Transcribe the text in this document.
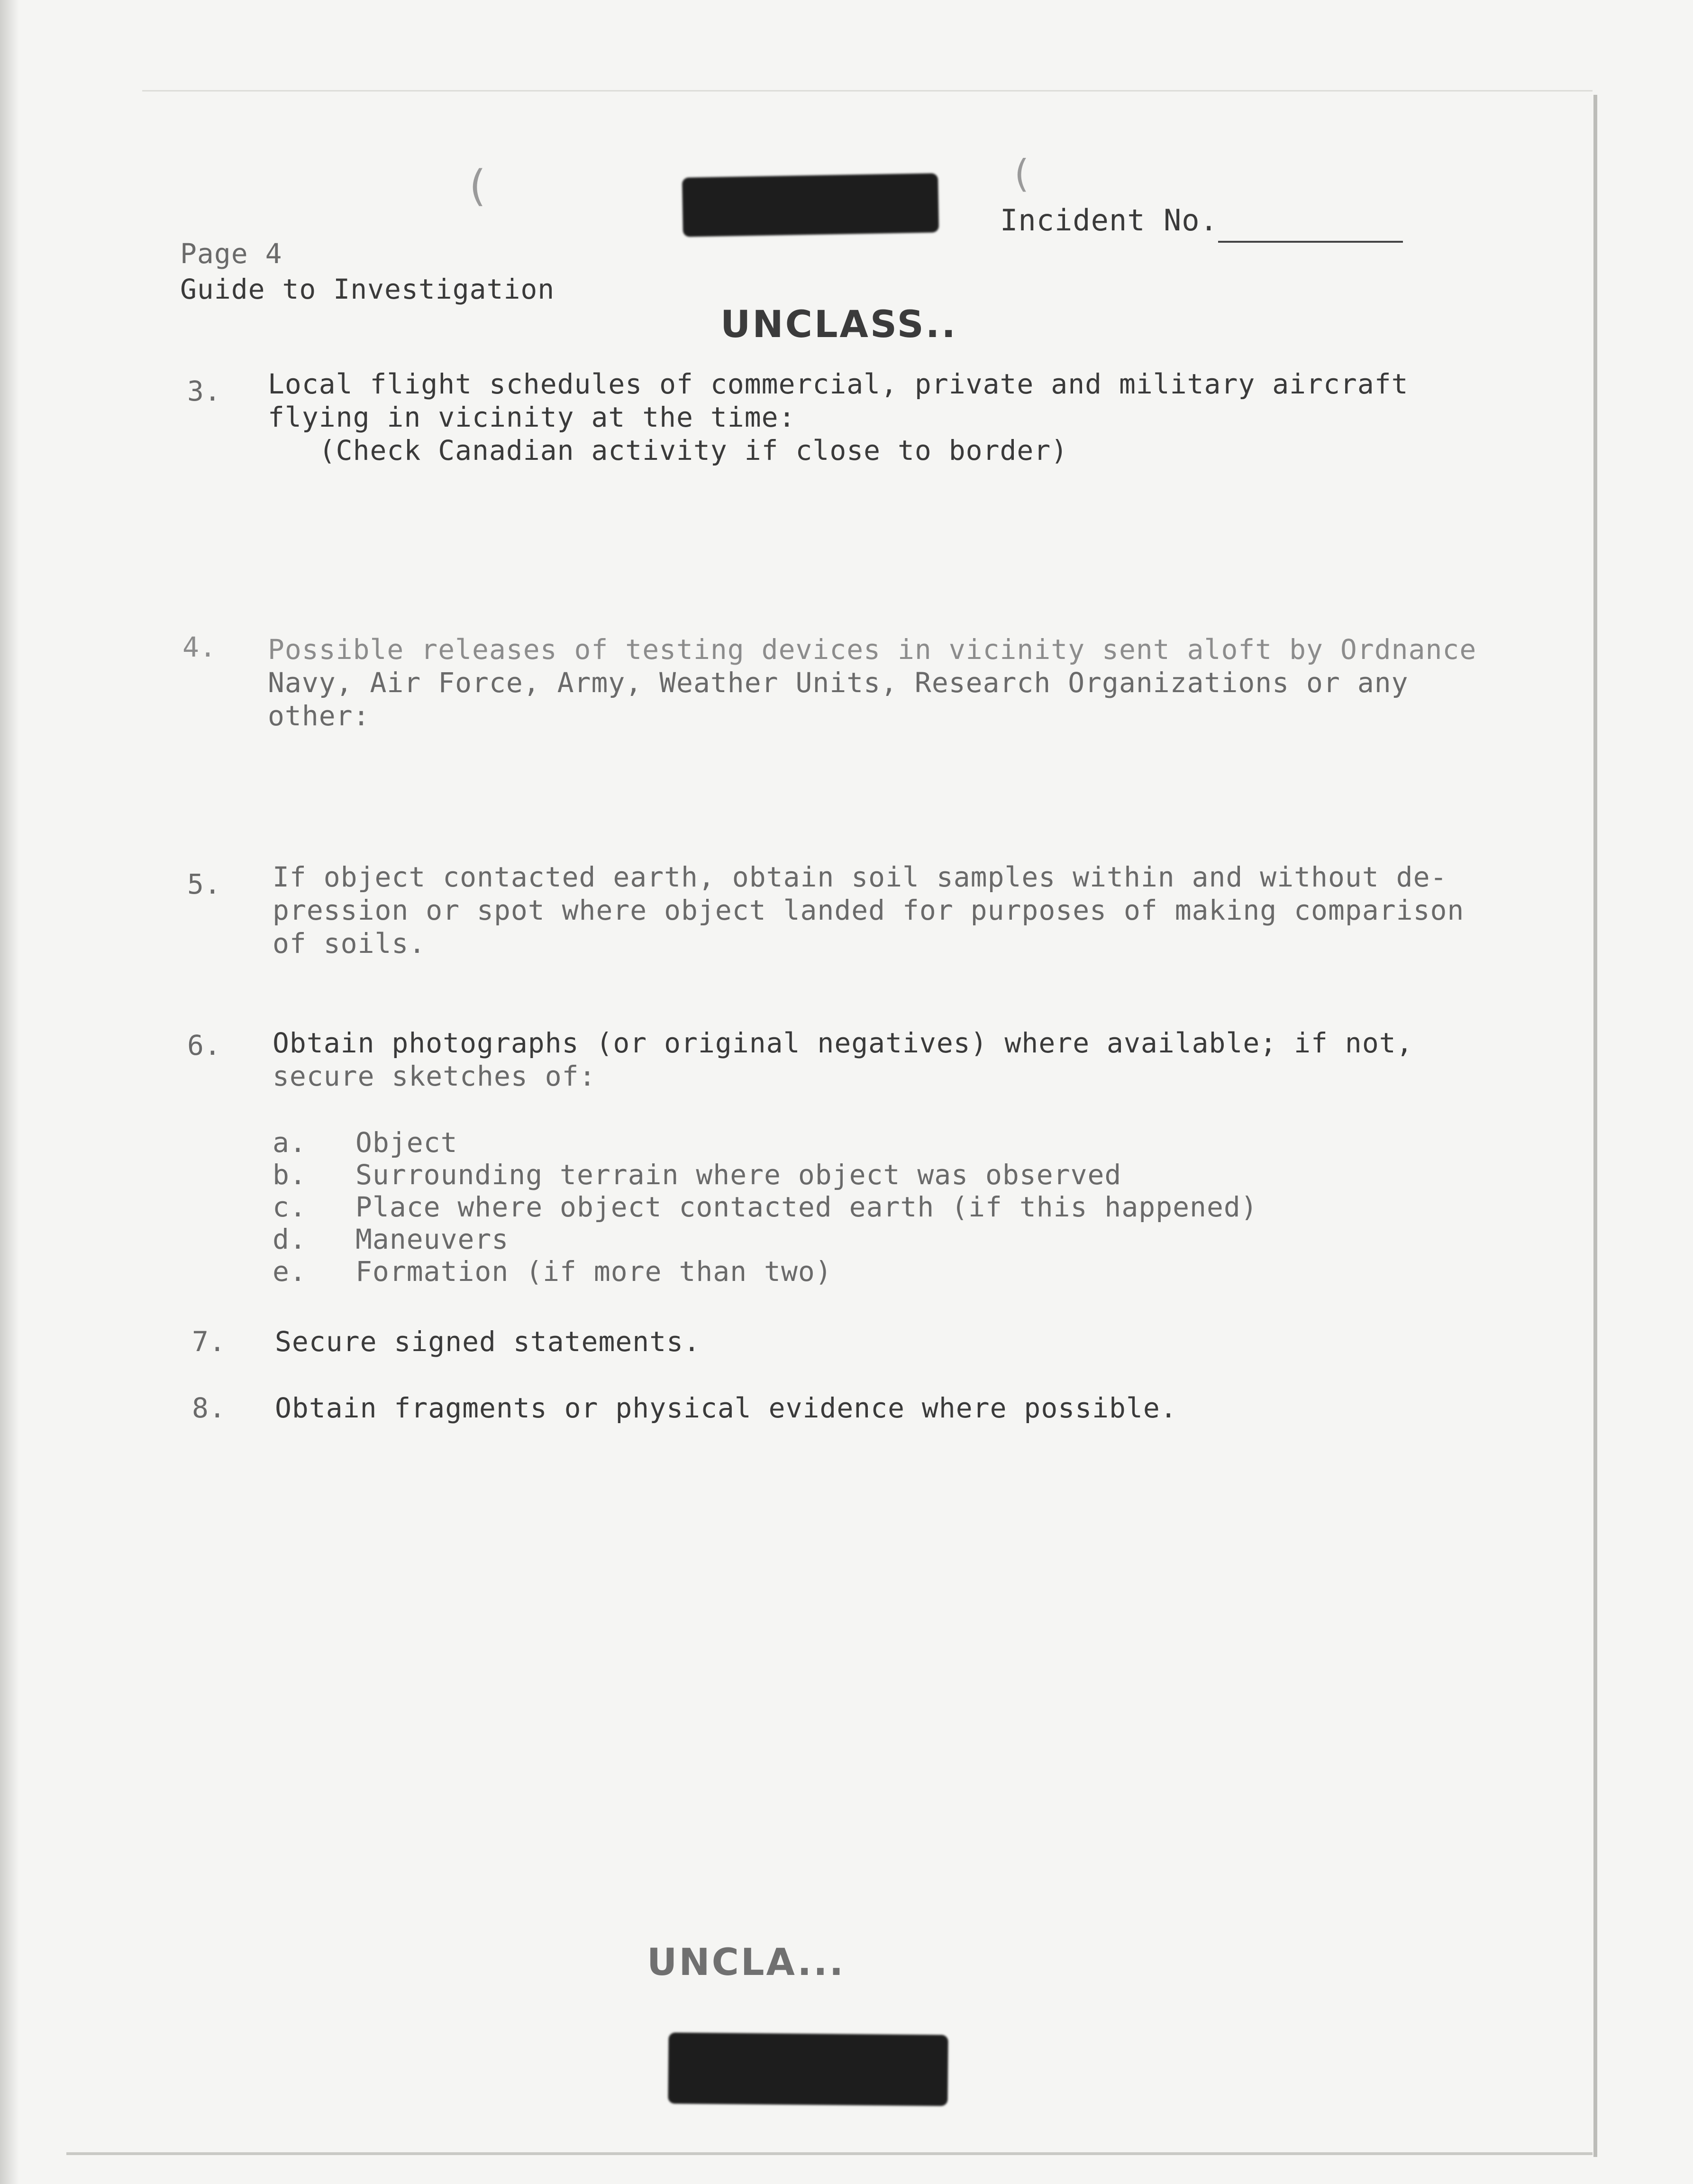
(	(
Incident No.
Page 4
Guide to Investigation
UNCLASS..
3. Local flight schedules of commercial, private and military aircraft
flying in vicinity at the time:
(Check Canadian activity if close to border)
4. Possible releases of testing devices in vicinity sent aloft by Ordnance
Navy, Air Force, Army, Weather Units, Research Organizations or any
other:
5. If object contacted earth, obtain soil samples within and without de-
pression or spot where object landed for purposes of making comparison
of soils.
6. Obtain photographs (or original negatives) where available; if not,
secure sketches of:
a. Object
b. Surrounding terrain where object was observed
c. Place where object contacted earth (if this happened)
d. Maneuvers
e. Formation (if more than two)
7. Secure signed statements.
8. Obtain fragments or physical evidence where possible.
UNCLA...
